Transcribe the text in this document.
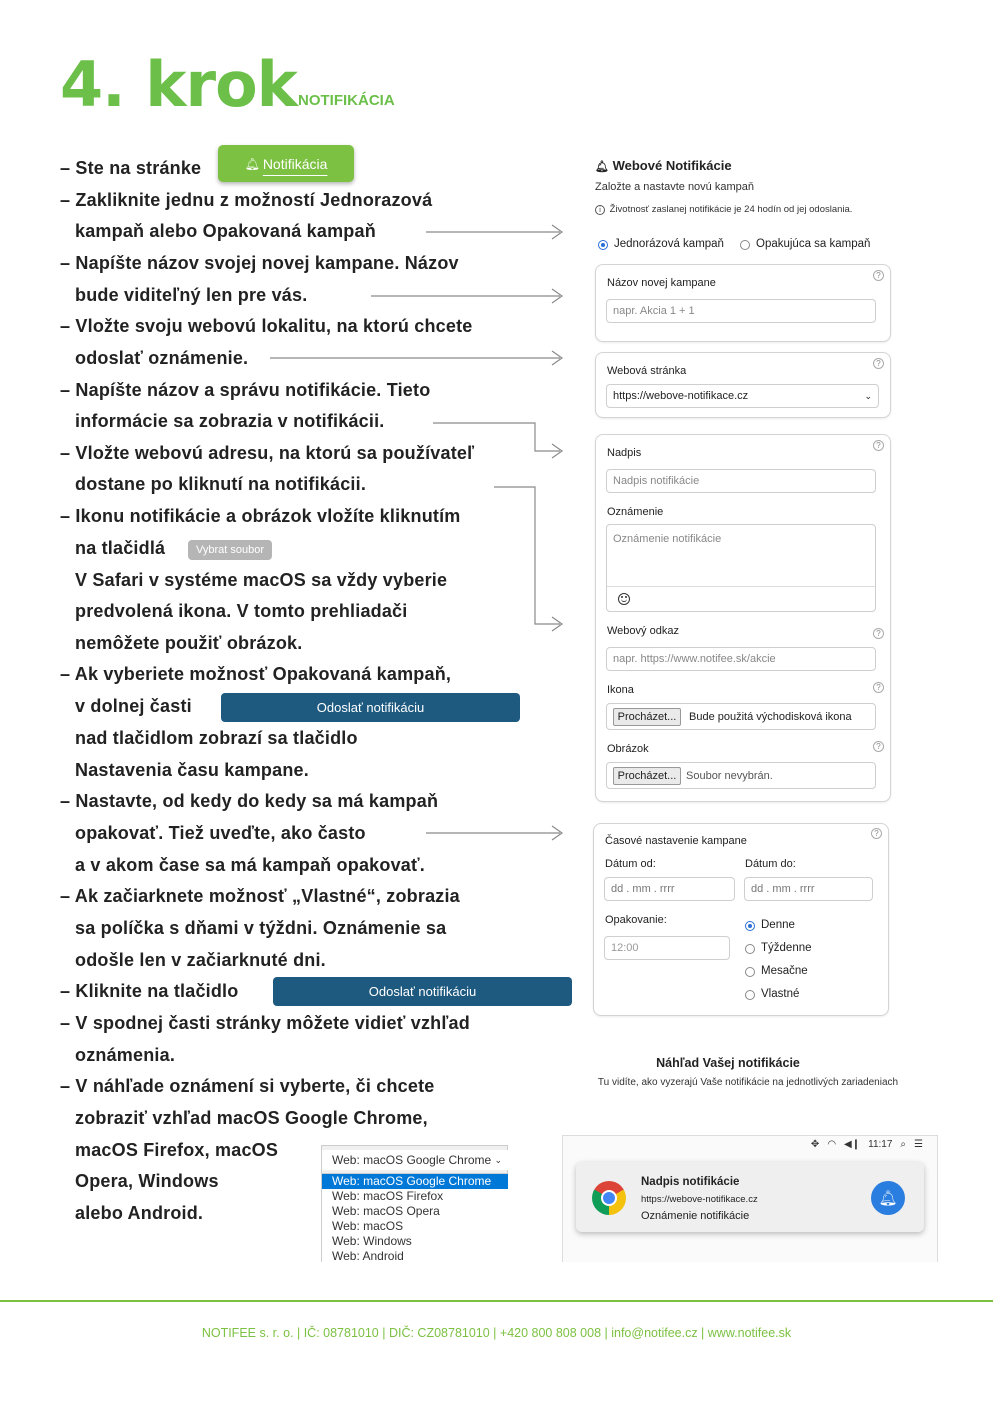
4. krok NOTIFIKÁCIA
– Ste na stránke
– Zakliknite jednu z možností Jednorazová
kampaň alebo Opakovaná kampaň
– Napíšte názov svojej novej kampane. Názov
bude viditeľný len pre vás.
– Vložte svoju webovú lokalitu, na ktorú chcete
odoslať oznámenie.
– Napíšte názov a správu notifikácie. Tieto
informácie sa zobrazia v notifikácii.
– Vložte webovú adresu, na ktorú sa používateľ
dostane po kliknutí na notifikácii.
– Ikonu notifikácie a obrázok vložíte kliknutím
na tlačidlá
V Safari v systéme macOS sa vždy vyberie
predvolená ikona. V tomto prehliadači
nemôžete použiť obrázok.
– Ak vyberiete možnosť Opakovaná kampaň,
v dolnej časti
nad tlačidlom zobrazí sa tlačidlo
Nastavenia času kampane.
– Nastavte, od kedy do kedy sa má kampaň
opakovať. Tiež uveďte, ako často
a v akom čase sa má kampaň opakovať.
– Ak začiarknete možnosť „Vlastné“, zobrazia
sa políčka s dňami v týždni. Oznámenie sa
odošle len v začiarknuté dni.
– Kliknite na tlačidlo
– V spodnej časti stránky môžete vidieť vzhľad
oznámenia.
– V náhľade oznámení si vyberte, či chcete
zobraziť vzhľad macOS Google Chrome,
macOS Firefox, macOS
Opera, Windows
alebo Android.
🔔︎ Notifikácia
Vybrat soubor
Odoslať notifikáciu
Odoslať notifikáciu
🔔︎ Webové Notifikácie
Založte a nastavte novú kampaň
i Životnosť zaslanej notifikácie je 24 hodín od jej odoslania.
Jednorázová kampaň	Opakujúca sa kampaň
Názov novej kampane
?
napr. Akcia 1 + 1
Webová stránka
?
https://webove-notifikace.cz	⌄
Nadpis
?
Nadpis notifikácie
Oznámenie
Oznámenie notifikácie
Webový odkaz	?
napr. https://www.notifee.sk/akcie
Ikona	?
Procházet...	Bude použitá východisková ikona
Obrázok	?
Procházet... Soubor nevybrán.
Časové nastavenie kampane
?
Dátum od:	Dátum do:
dd . mm . rrrr	dd . mm . rrrr
Opakovanie:
12:00
Denne
Týždenne
Mesačne
Vlastné
Náhľad Vašej notifikácie
Tu vidíte, ako vyzerajú Vaše notifikácie na jednotlivých zariadeniach
✥ ◠ ◀❙ 11:17 ⌕ ☰
Nadpis notifikácie
https://webove-notifikace.cz
Oznámenie notifikácie
🔔︎
Web: macOS Google Chrome ⌄
Web: macOS Google Chrome
Web: macOS Firefox
Web: macOS Opera
Web: macOS
Web: Windows
Web: Android
NOTIFEE s. r. o. | IČ: 08781010 | DIČ: CZ08781010 | +420 800 808 008 | info@notifee.cz | www.notifee.sk
